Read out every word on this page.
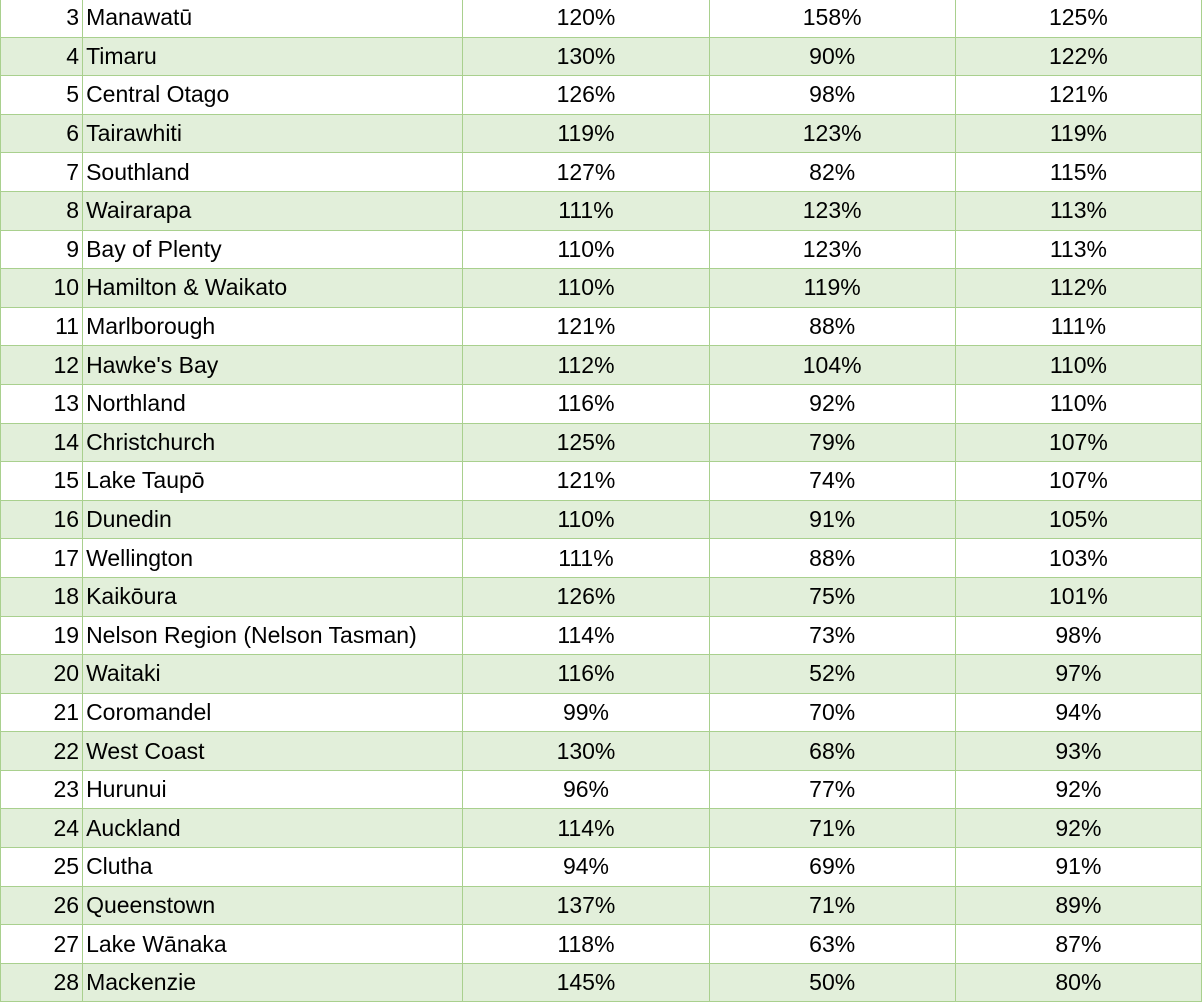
3	Manawatū	120%	158%	125%
4	Timaru	130%	90%	122%
5	Central Otago	126%	98%	121%
6	Tairawhiti	119%	123%	119%
7	Southland	127%	82%	115%
8	Wairarapa	111%	123%	113%
9	Bay of Plenty	110%	123%	113%
10	Hamilton & Waikato	110%	119%	112%
11	Marlborough	121%	88%	111%
12	Hawke's Bay	112%	104%	110%
13	Northland	116%	92%	110%
14	Christchurch	125%	79%	107%
15	Lake Taupō	121%	74%	107%
16	Dunedin	110%	91%	105%
17	Wellington	111%	88%	103%
18	Kaikōura	126%	75%	101%
19	Nelson Region (Nelson Tasman)	114%	73%	98%
20	Waitaki	116%	52%	97%
21	Coromandel	99%	70%	94%
22	West Coast	130%	68%	93%
23	Hurunui	96%	77%	92%
24	Auckland	114%	71%	92%
25	Clutha	94%	69%	91%
26	Queenstown	137%	71%	89%
27	Lake Wānaka	118%	63%	87%
28	Mackenzie	145%	50%	80%
